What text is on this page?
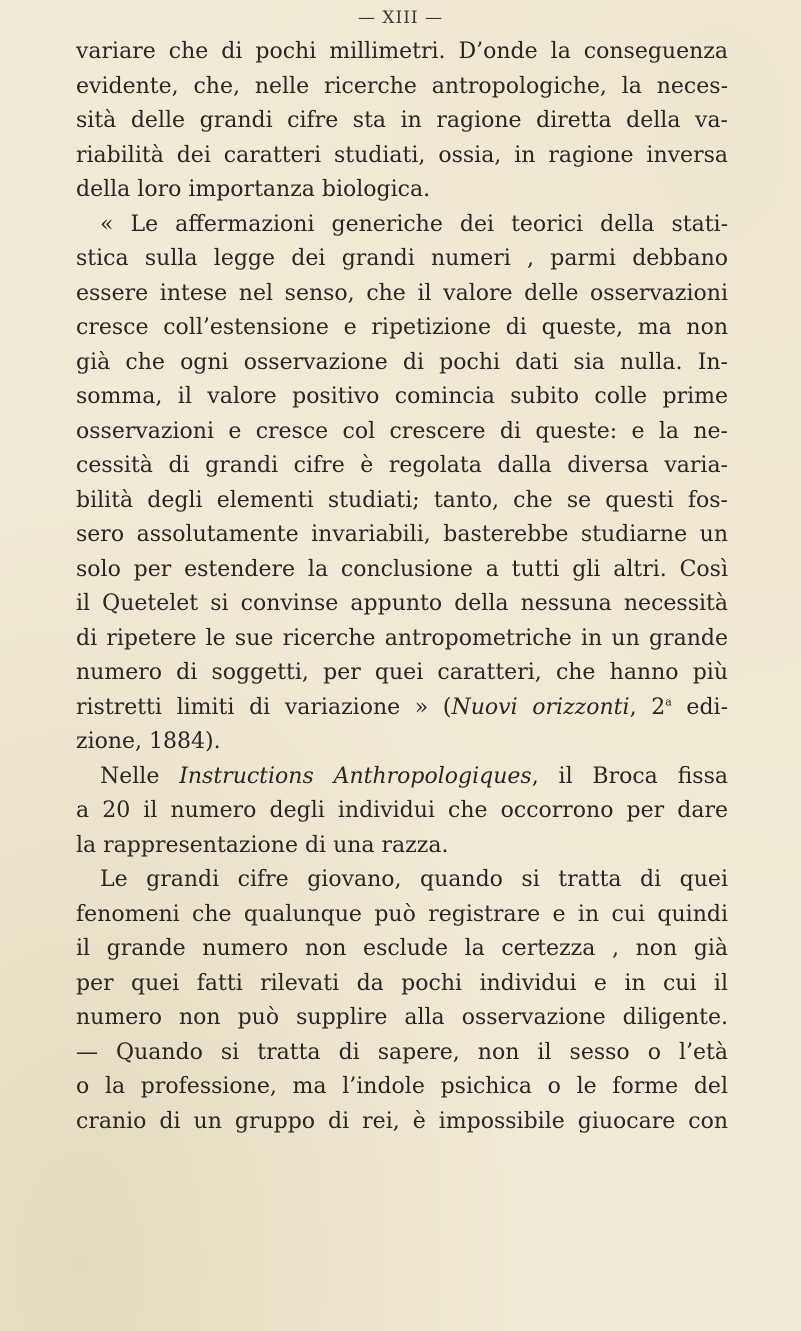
— XIII —
variare che di pochi millimetri. D’onde la conseguenza
evidente, che, nelle ricerche antropologiche, la neces-
sità delle grandi cifre sta in ragione diretta della va-
riabilità dei caratteri studiati, ossia, in ragione inversa
della loro importanza biologica.
« Le affermazioni generiche dei teorici della stati-
stica sulla legge dei grandi numeri , parmi debbano
essere intese nel senso, che il valore delle osservazioni
cresce coll’estensione e ripetizione di queste, ma non
già che ogni osservazione di pochi dati sia nulla. In-
somma, il valore positivo comincia subito colle prime
osservazioni e cresce col crescere di queste: e la ne-
cessità di grandi cifre è regolata dalla diversa varia-
bilità degli elementi studiati; tanto, che se questi fos-
sero assolutamente invariabili, basterebbe studiarne un
solo per estendere la conclusione a tutti gli altri. Così
il Quetelet si convinse appunto della nessuna necessità
di ripetere le sue ricerche antropometriche in un grande
numero di soggetti, per quei caratteri, che hanno più
ristretti limiti di variazione » (Nuovi orizzonti, 2$^a$ edi-
zione, 1884).
Nelle Instructions Anthropologiques, il Broca fissa
a 20 il numero degli individui che occorrono per dare
la rappresentazione di una razza.
Le grandi cifre giovano, quando si tratta di quei
fenomeni che qualunque può registrare e in cui quindi
il grande numero non esclude la certezza , non già
per quei fatti rilevati da pochi individui e in cui il
numero non può supplire alla osservazione diligente.
— Quando si tratta di sapere, non il sesso o l’età
o la professione, ma l’indole psichica o le forme del
cranio di un gruppo di rei, è impossibile giuocare con
